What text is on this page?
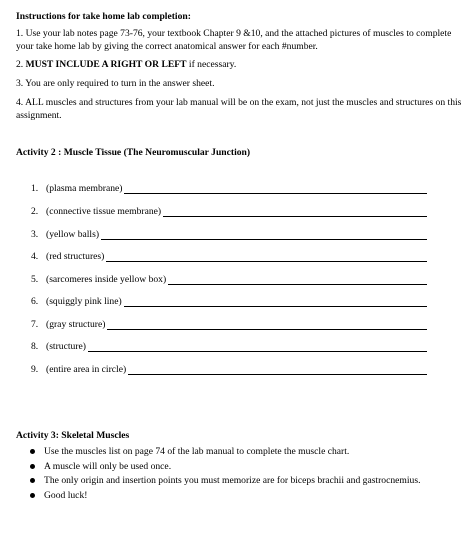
Instructions for take home lab completion:
1. Use your lab notes page 73-76, your textbook Chapter 9 &10, and the attached pictures of muscles to complete your take home lab by giving the correct anatomical answer for each #number.
2. MUST INCLUDE A RIGHT OR LEFT if necessary.
3. You are only required to turn in the answer sheet.
4. ALL muscles and structures from your lab manual will be on the exam, not just the muscles and structures on this assignment.
Activity 2 : Muscle Tissue (The Neuromuscular Junction)
1. (plasma membrane)
2. (connective tissue membrane)
3. (yellow balls)
4. (red structures)
5. (sarcomeres inside yellow box)
6. (squiggly pink line)
7. (gray structure)
8. (structure)
9. (entire area in circle)
Activity 3: Skeletal Muscles
Use the muscles list on page 74 of the lab manual to complete the muscle chart.
A muscle will only be used once.
The only origin and insertion points you must memorize are for biceps brachii and gastrocnemius.
Good luck!
